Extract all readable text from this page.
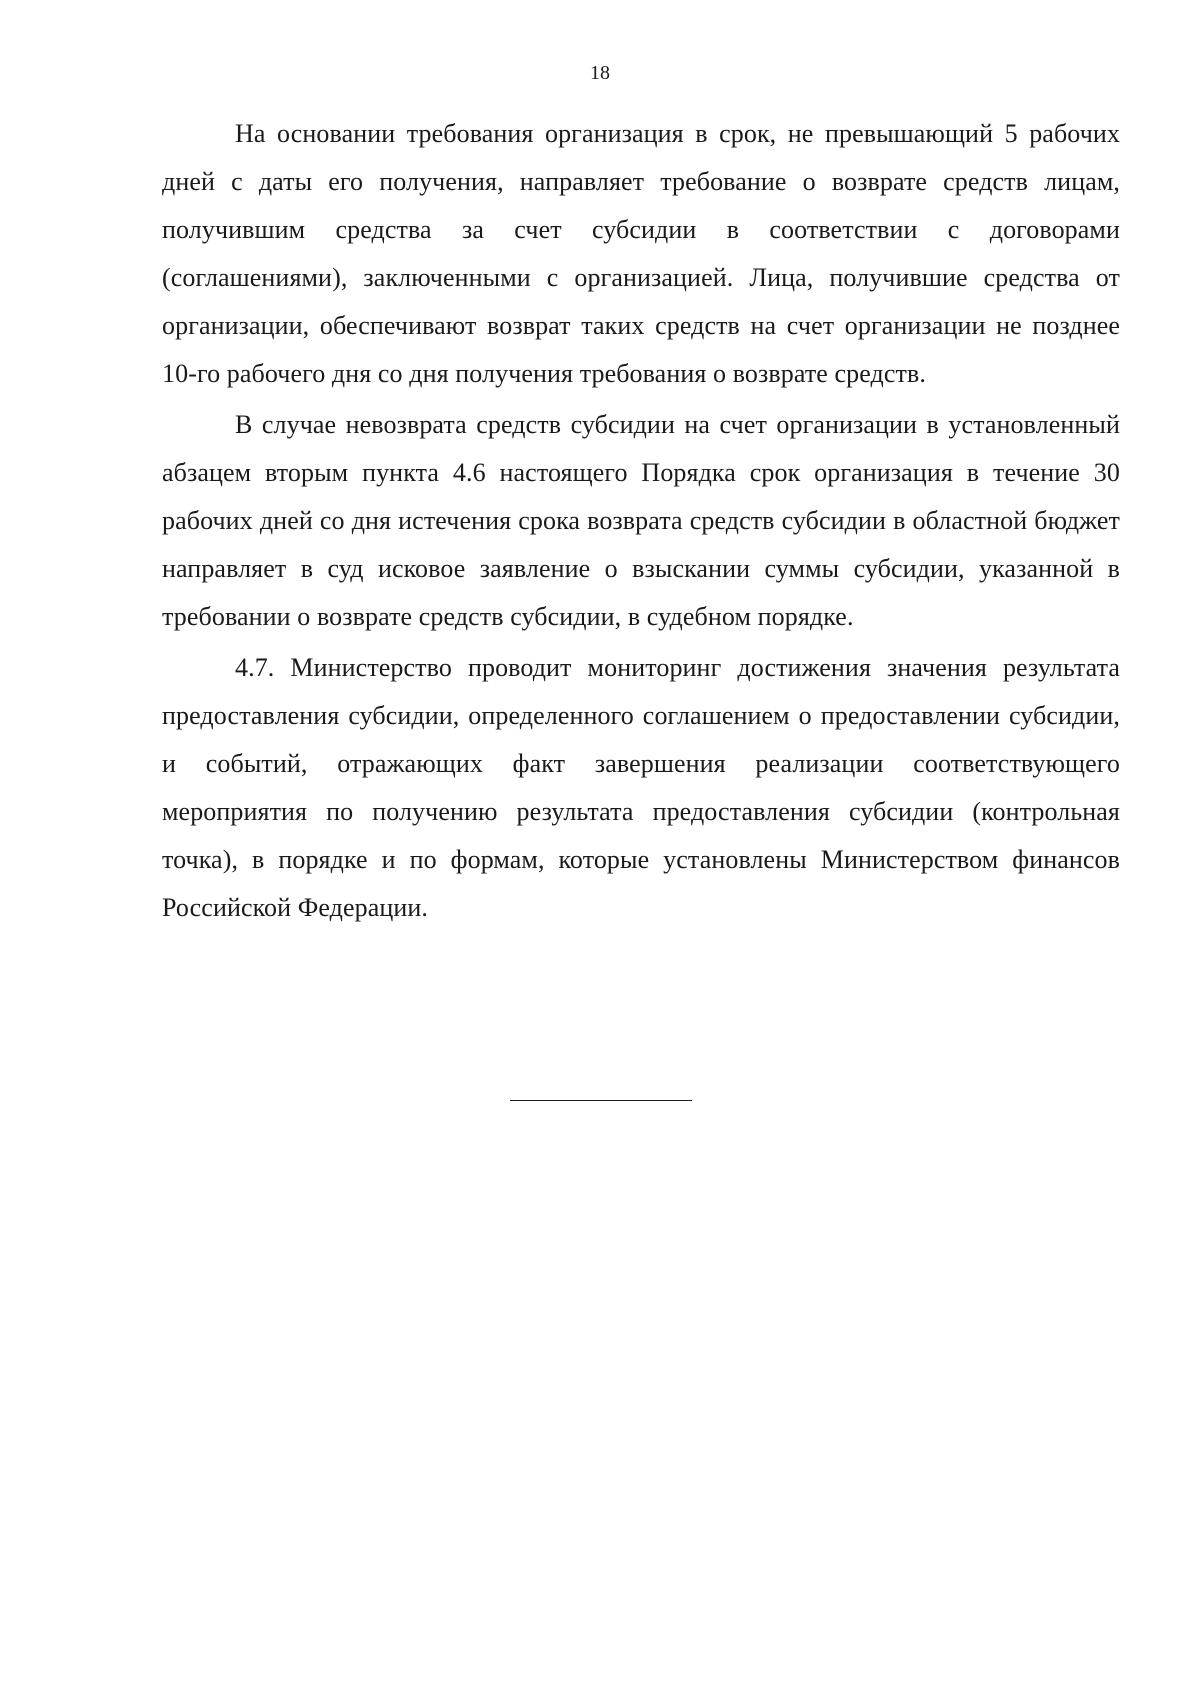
18

На основании требования организация в срок, не превышающий 5 рабочих дней с даты его получения, направляет требование о возврате средств лицам, получившим средства за счет субсидии в соответствии с договорами (соглашениями), заключенными с организацией. Лица, получившие средства от организации, обеспечивают возврат таких средств на счет организации не позднее 10-го рабочего дня со дня получения требования о возврате средств.

В случае невозврата средств субсидии на счет организации в установленный абзацем вторым пункта 4.6 настоящего Порядка срок организация в течение 30 рабочих дней со дня истечения срока возврата средств субсидии в областной бюджет направляет в суд исковое заявление о взыскании суммы субсидии, указанной в требовании о возврате средств субсидии, в судебном порядке.

4.7. Министерство проводит мониторинг достижения значения результата предоставления субсидии, определенного соглашением о предоставлении субсидии, и событий, отражающих факт завершения реализации соответствующего мероприятия по получению результата предоставления субсидии (контрольная точка), в порядке и по формам, которые установлены Министерством финансов Российской Федерации.
